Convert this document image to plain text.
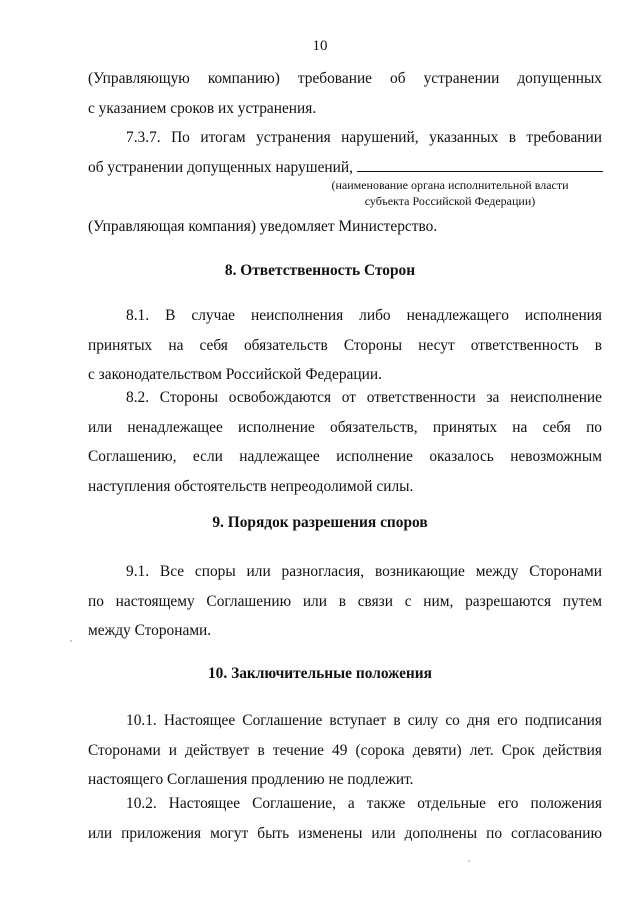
10
(Управляющую компанию) требование об устранении допущенных
с указанием сроков их устранения.
7.3.7. По итогам устранения нарушений, указанных в требовании
об устранении допущенных нарушений,
(наименование органа исполнительной власти
субъекта Российской Федерации)
(Управляющая компания) уведомляет Министерство.
8. Ответственность Сторон
8.1. В случае неисполнения либо ненадлежащего исполнения
принятых на себя обязательств Стороны несут ответственность в
с законодательством Российской Федерации.
8.2. Стороны освобождаются от ответственности за неисполнение
или ненадлежащее исполнение обязательств, принятых на себя по
Соглашению, если надлежащее исполнение оказалось невозможным
наступления обстоятельств непреодолимой силы.
9. Порядок разрешения споров
9.1. Все споры или разногласия, возникающие между Сторонами
по настоящему Соглашению или в связи с ним, разрешаются путем
между Сторонами.
10. Заключительные положения
10.1. Настоящее Соглашение вступает в силу со дня его подписания
Сторонами и действует в течение 49 (сорока девяти) лет. Срок действия
настоящего Соглашения продлению не подлежит.
10.2. Настоящее Соглашение, а также отдельные его положения
или приложения могут быть изменены или дополнены по согласованию
